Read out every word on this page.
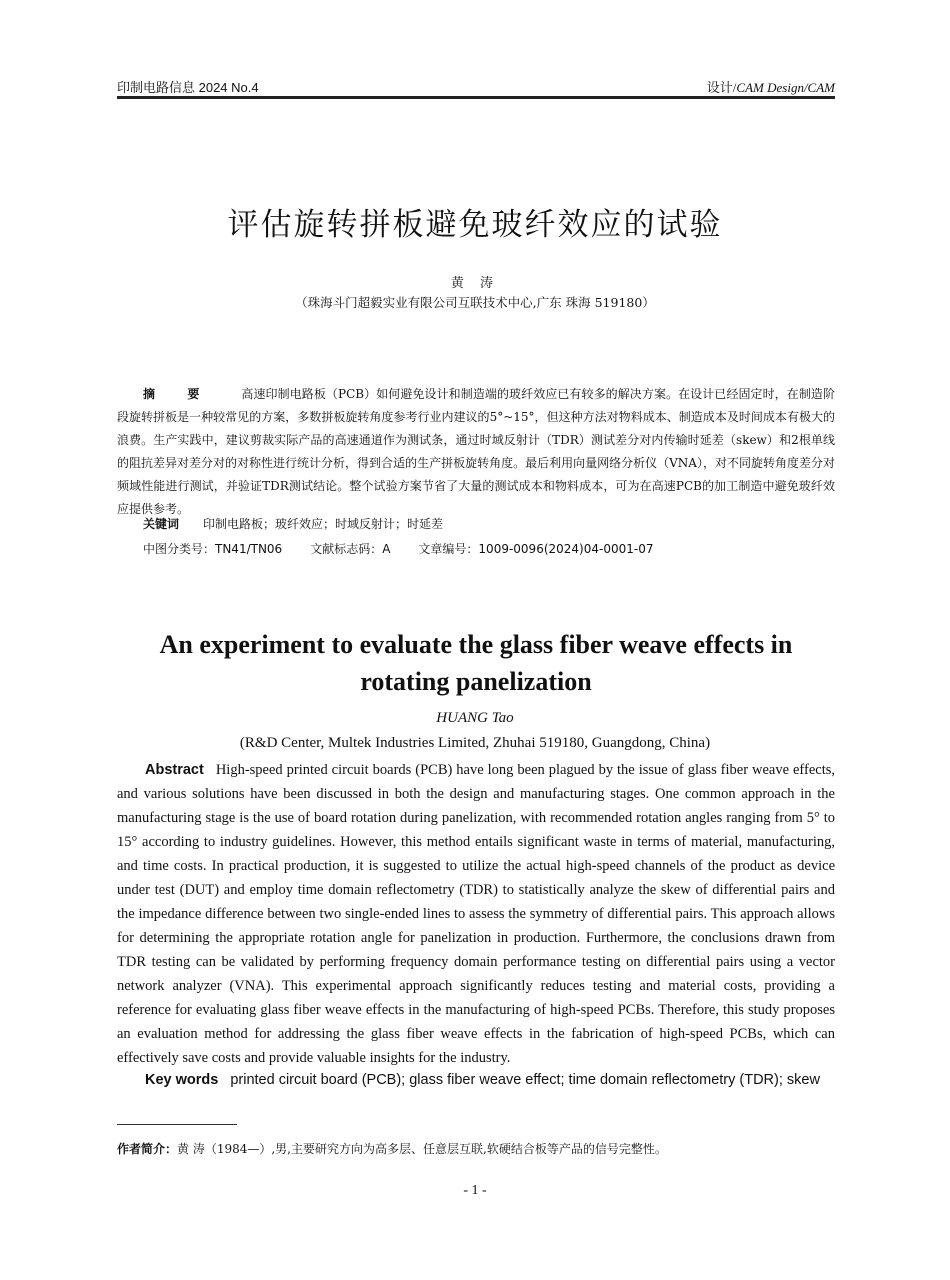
印制电路信息 2024 No.4	设计/CAM Design/CAM
评估旋转拼板避免玻纤效应的试验
黄 涛
（珠海斗门超毅实业有限公司互联技术中心,广东 珠海 519180）
摘 要 高速印制电路板（PCB）如何避免设计和制造端的玻纤效应已有较多的解决方案。在设计已经固定时，在制造阶段旋转拼板是一种较常见的方案，多数拼板旋转角度参考行业内建议的5°~15°，但这种方法对物料成本、制造成本及时间成本有极大的浪费。生产实践中，建议剪裁实际产品的高速通道作为测试条，通过时域反射计（TDR）测试差分对内传输时延差（skew）和2根单线的阻抗差异对差分对的对称性进行统计分析，得到合适的生产拼板旋转角度。最后利用向量网络分析仪（VNA），对不同旋转角度差分对频域性能进行测试，并验证TDR测试结论。整个试验方案节省了大量的测试成本和物料成本，可为在高速PCB的加工制造中避免玻纤效应提供参考。
关键词 印制电路板；玻纤效应；时域反射计；时延差
中图分类号：TN41/TN06 文献标志码：A 文章编号：1009-0096(2024)04-0001-07
An experiment to evaluate the glass fiber weave effects in rotating panelization
HUANG Tao
(R&D Center, Multek Industries Limited, Zhuhai 519180, Guangdong, China)
Abstract High-speed printed circuit boards (PCB) have long been plagued by the issue of glass fiber weave effects, and various solutions have been discussed in both the design and manufacturing stages. One common approach in the manufacturing stage is the use of board rotation during panelization, with recommended rotation angles ranging from 5° to 15° according to industry guidelines. However, this method entails significant waste in terms of material, manufacturing, and time costs. In practical production, it is suggested to utilize the actual high-speed channels of the product as device under test (DUT) and employ time domain reflectometry (TDR) to statistically analyze the skew of differential pairs and the impedance difference between two single-ended lines to assess the symmetry of differential pairs. This approach allows for determining the appropriate rotation angle for panelization in production. Furthermore, the conclusions drawn from TDR testing can be validated by performing frequency domain performance testing on differential pairs using a vector network analyzer (VNA). This experimental approach significantly reduces testing and material costs, providing a reference for evaluating glass fiber weave effects in the manufacturing of high-speed PCBs. Therefore, this study proposes an evaluation method for addressing the glass fiber weave effects in the fabrication of high-speed PCBs, which can effectively save costs and provide valuable insights for the industry.
Key words printed circuit board (PCB); glass fiber weave effect; time domain reflectometry (TDR); skew
作者简介：黄 涛（1984—）,男,主要研究方向为高多层、任意层互联,软硬结合板等产品的信号完整性。
- 1 -
